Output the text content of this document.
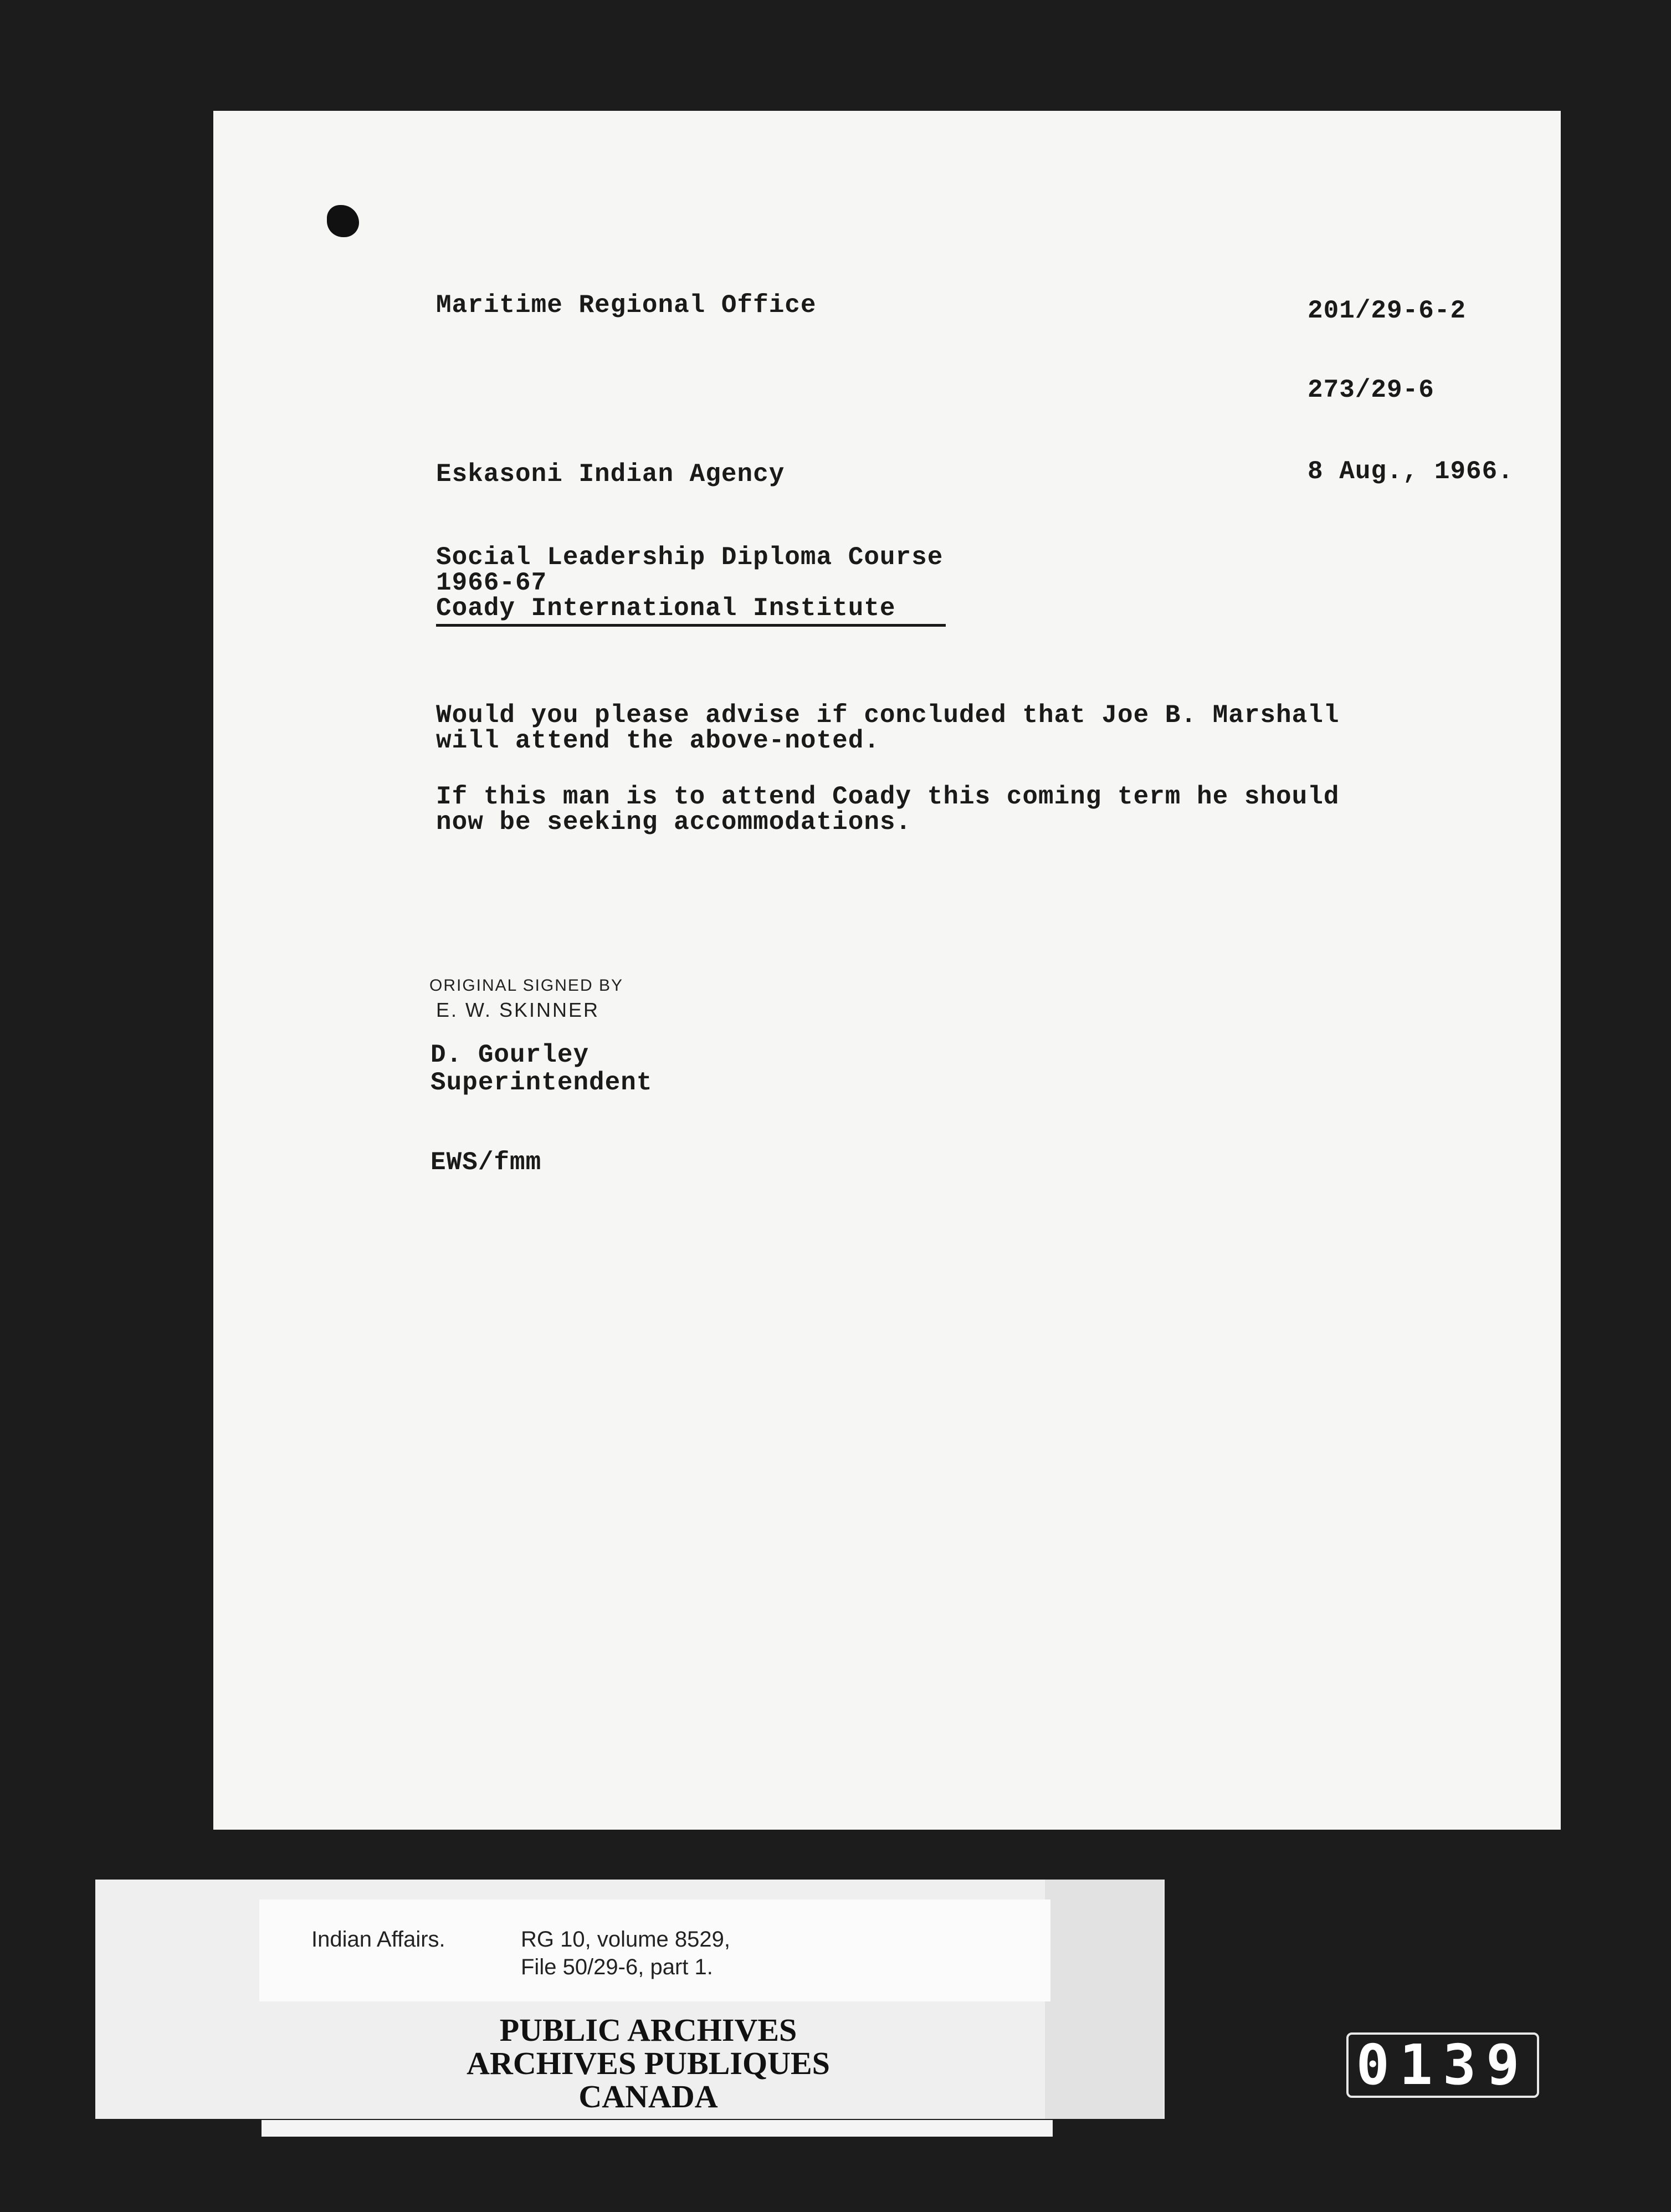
Maritime Regional Office	201/29-6-2
273/29-6
Eskasoni Indian Agency	8 Aug., 1966.
Social Leadership Diploma Course
1966-67
Coady International Institute
Would you please advise if concluded that Joe B. Marshall
will attend the above-noted.
If this man is to attend Coady this coming term he should
now be seeking accommodations.
ORIGINAL SIGNED BY
E. W. SKINNER
D. Gourley
Superintendent
EWS/fmm
Indian Affairs.	RG 10, volume 8529,
File 50/29-6, part 1.
PUBLIC ARCHIVES
ARCHIVES PUBLIQUES
CANADA	0139
